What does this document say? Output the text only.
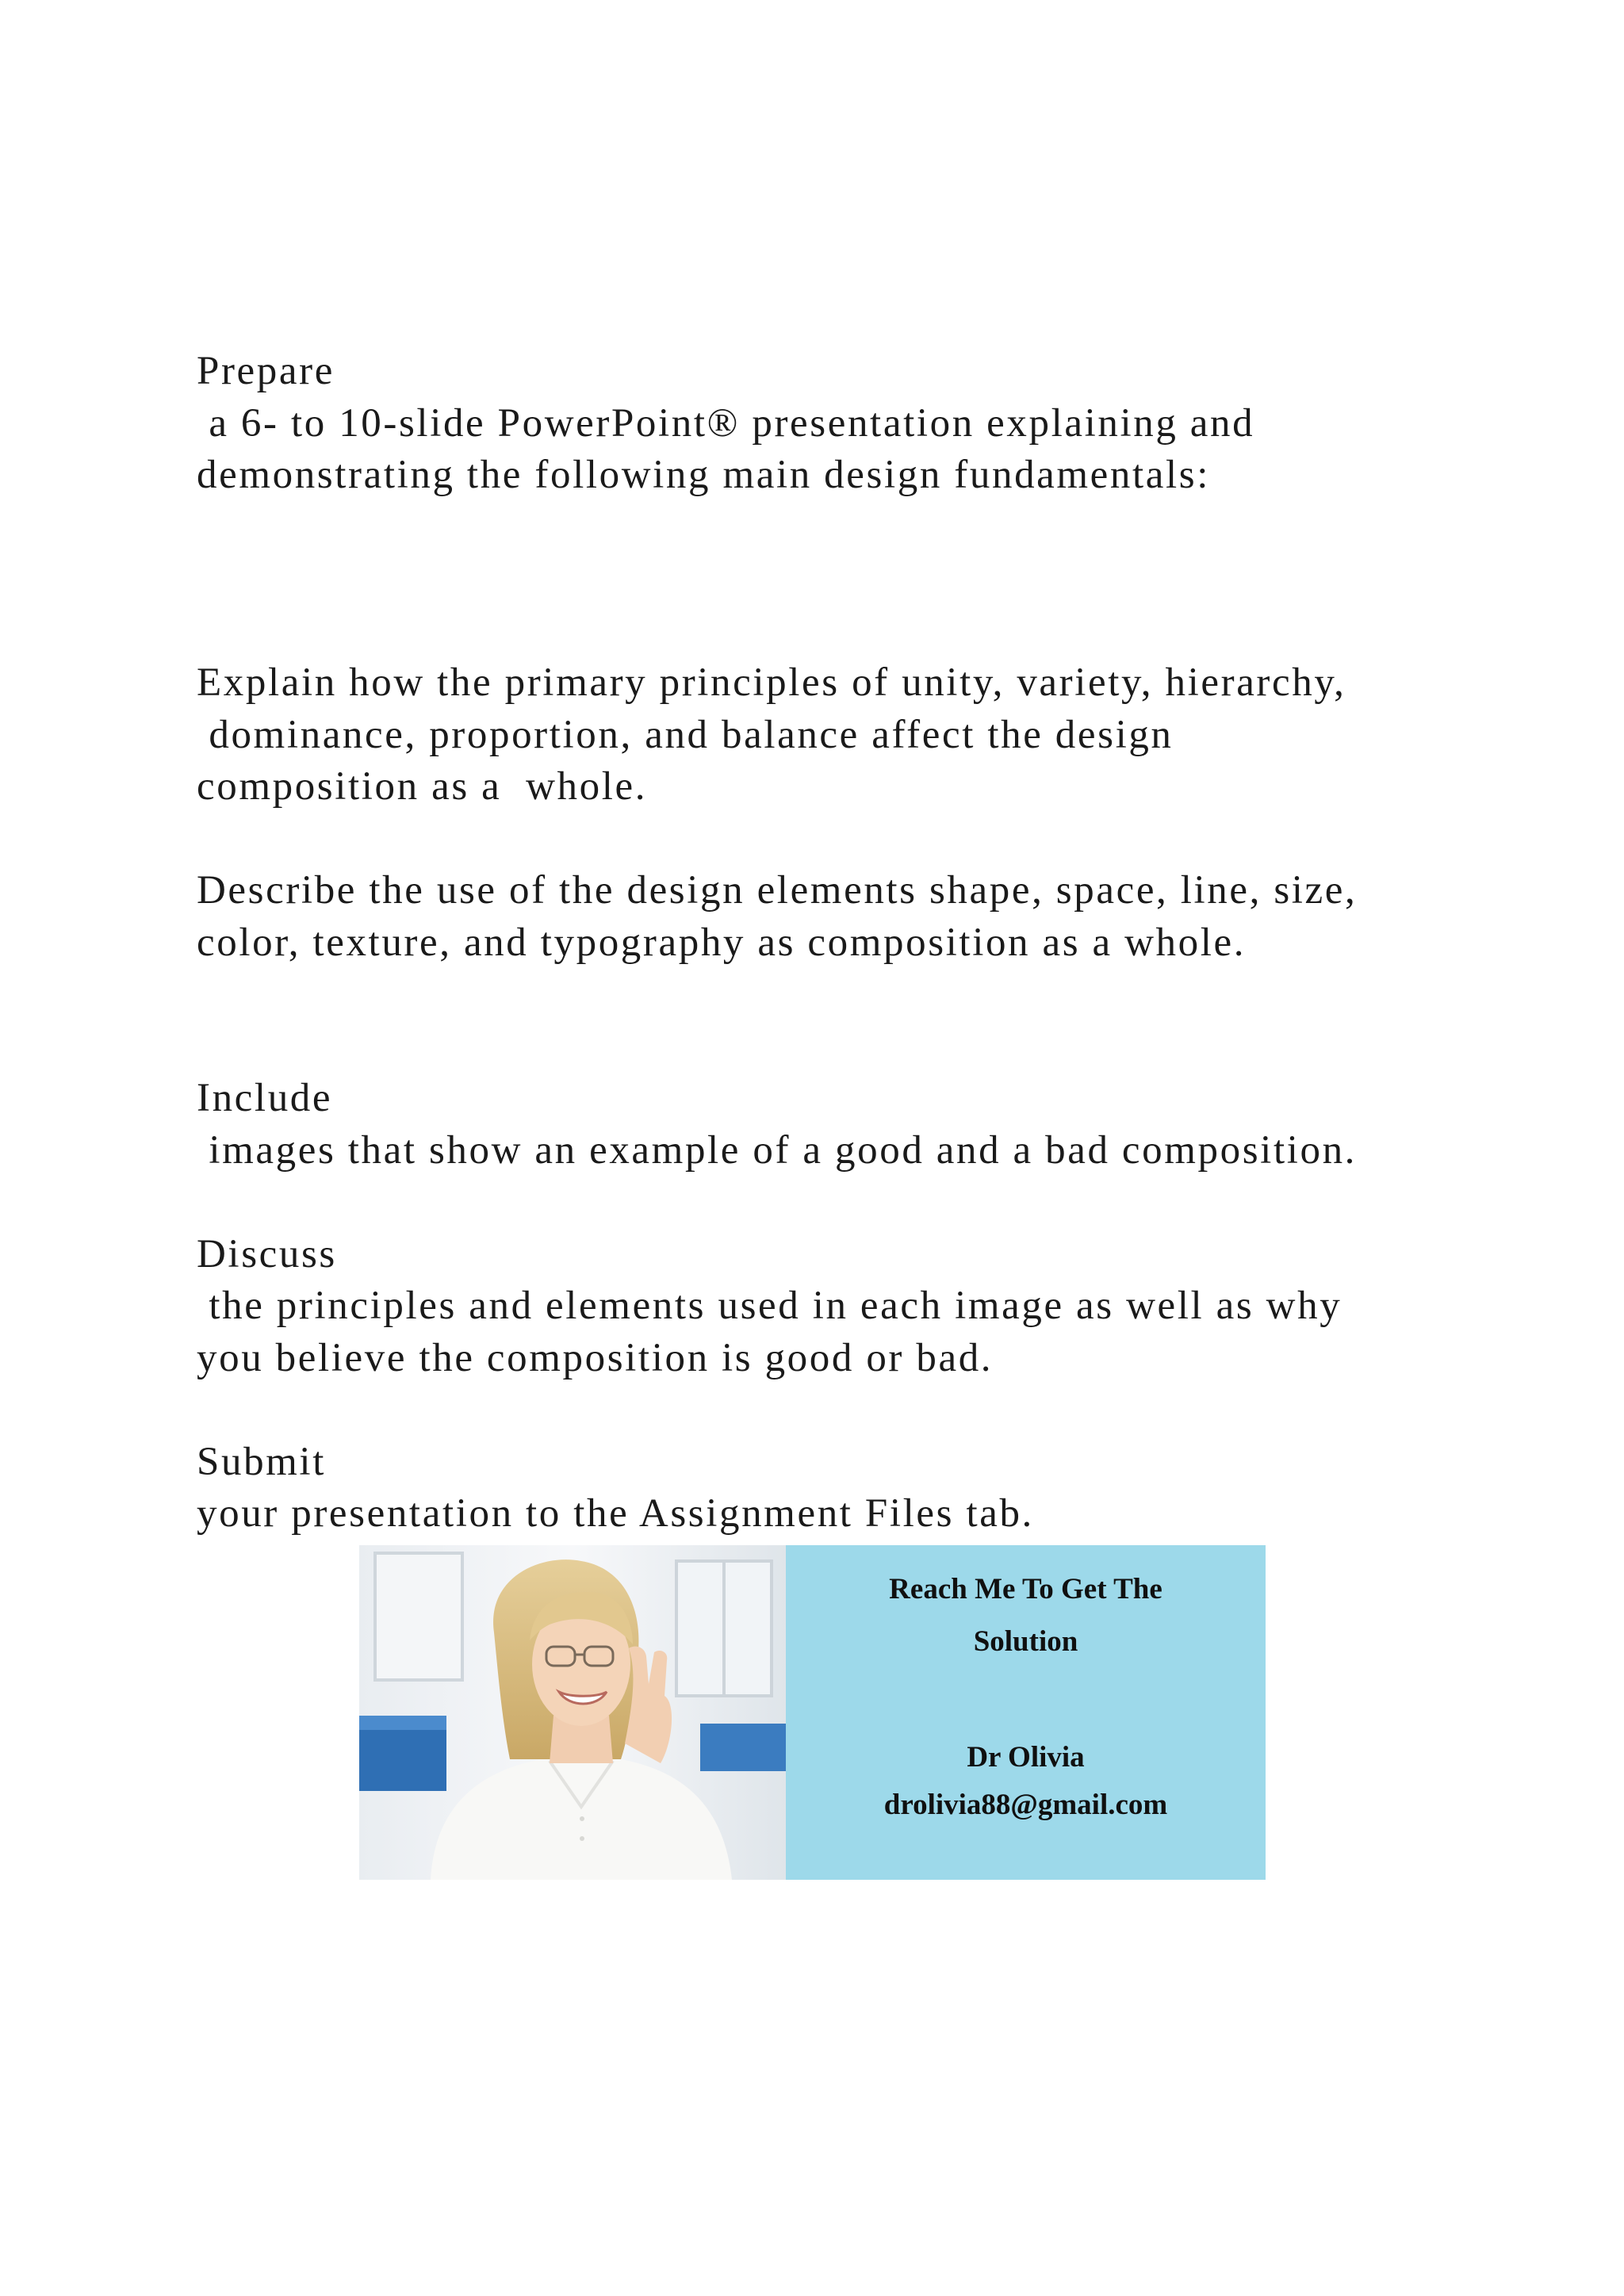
Prepare
a 6- to 10-slide PowerPoint® presentation explaining and
demonstrating the following main design fundamentals:
Explain how the primary principles of unity, variety, hierarchy,
dominance, proportion, and balance affect the design
composition as a  whole.
Describe the use of the design elements shape, space, line, size,
color, texture, and typography as composition as a whole.
Include
images that show an example of a good and a bad composition.
Discuss
the principles and elements used in each image as well as why
you believe the composition is good or bad.
Submit
your presentation to the Assignment Files tab.
Reach Me To Get The
Solution
Dr Olivia
drolivia88@gmail.com
